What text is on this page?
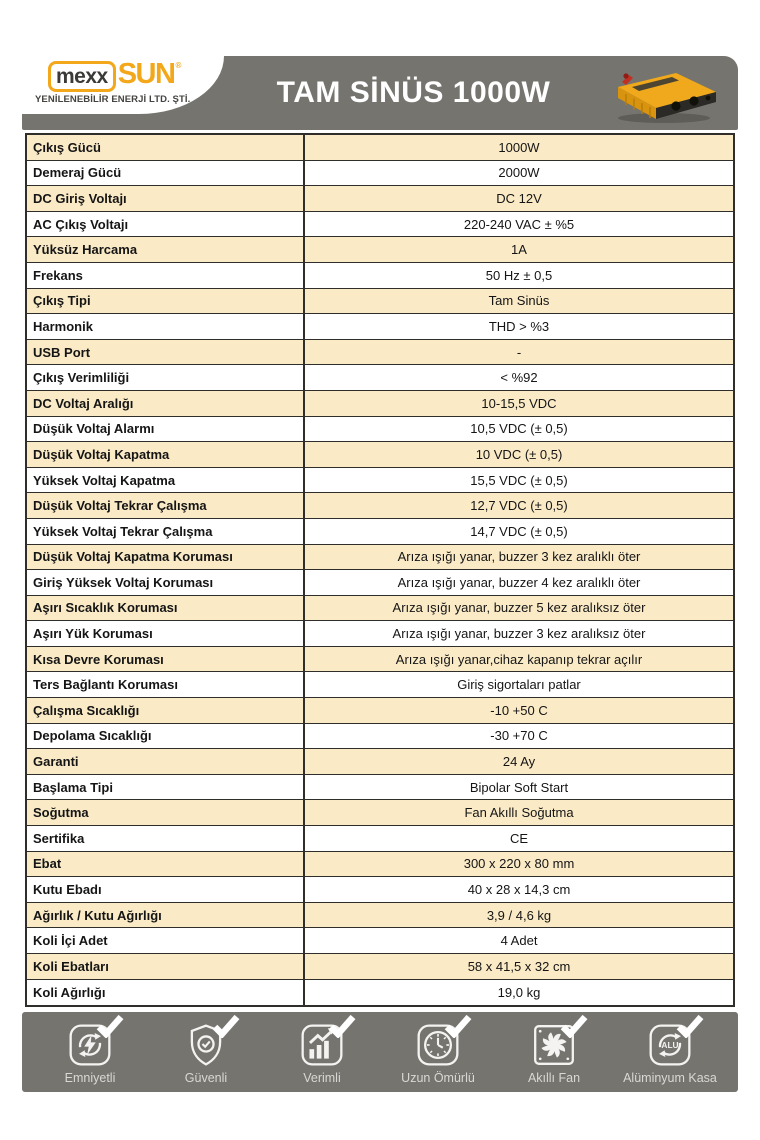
mexx SUN ®
YENİLENEBİLİR ENERJİ LTD. ŞTİ.	TAM SİNÜS 1000W
Çıkış Gücü	1000W
Demeraj Gücü	2000W
DC Giriş Voltajı	DC 12V
AC Çıkış Voltajı	220-240 VAC ± %5
Yüksüz Harcama	1A
Frekans	50 Hz ± 0,5
Çıkış Tipi	Tam Sinüs
Harmonik	THD > %3
USB Port	-
Çıkış Verimliliği	< %92
DC Voltaj Aralığı	10-15,5 VDC
Düşük Voltaj Alarmı	10,5 VDC (± 0,5)
Düşük Voltaj Kapatma	10 VDC (± 0,5)
Yüksek Voltaj Kapatma	15,5 VDC (± 0,5)
Düşük Voltaj Tekrar Çalışma	12,7 VDC (± 0,5)
Yüksek Voltaj Tekrar Çalışma	14,7 VDC (± 0,5)
Düşük Voltaj Kapatma Koruması	Arıza ışığı yanar, buzzer 3 kez aralıklı öter
Giriş Yüksek Voltaj Koruması	Arıza ışığı yanar, buzzer 4 kez aralıklı öter
Aşırı Sıcaklık Koruması	Arıza ışığı yanar, buzzer 5 kez aralıksız öter
Aşırı Yük Koruması	Arıza ışığı yanar, buzzer 3 kez aralıksız öter
Kısa Devre Koruması	Arıza ışığı yanar,cihaz kapanıp tekrar açılır
Ters Bağlantı Koruması	Giriş sigortaları patlar
Çalışma Sıcaklığı	-10 +50 C
Depolama Sıcaklığı	-30 +70 C
Garanti	24 Ay
Başlama Tipi	Bipolar Soft Start
Soğutma	Fan Akıllı Soğutma
Sertifika	CE
Ebat	300 x 220 x 80 mm
Kutu Ebadı	40 x 28 x 14,3 cm
Ağırlık / Kutu Ağırlığı	3,9 / 4,6 kg
Koli İçi Adet	4 Adet
Koli Ebatları	58 x 41,5 x 32 cm
Koli Ağırlığı	19,0 kg
Emniyetli	Güvenli	Verimli	Uzun Ömürlü	Akıllı Fan
ALU
Alüminyum Kasa
